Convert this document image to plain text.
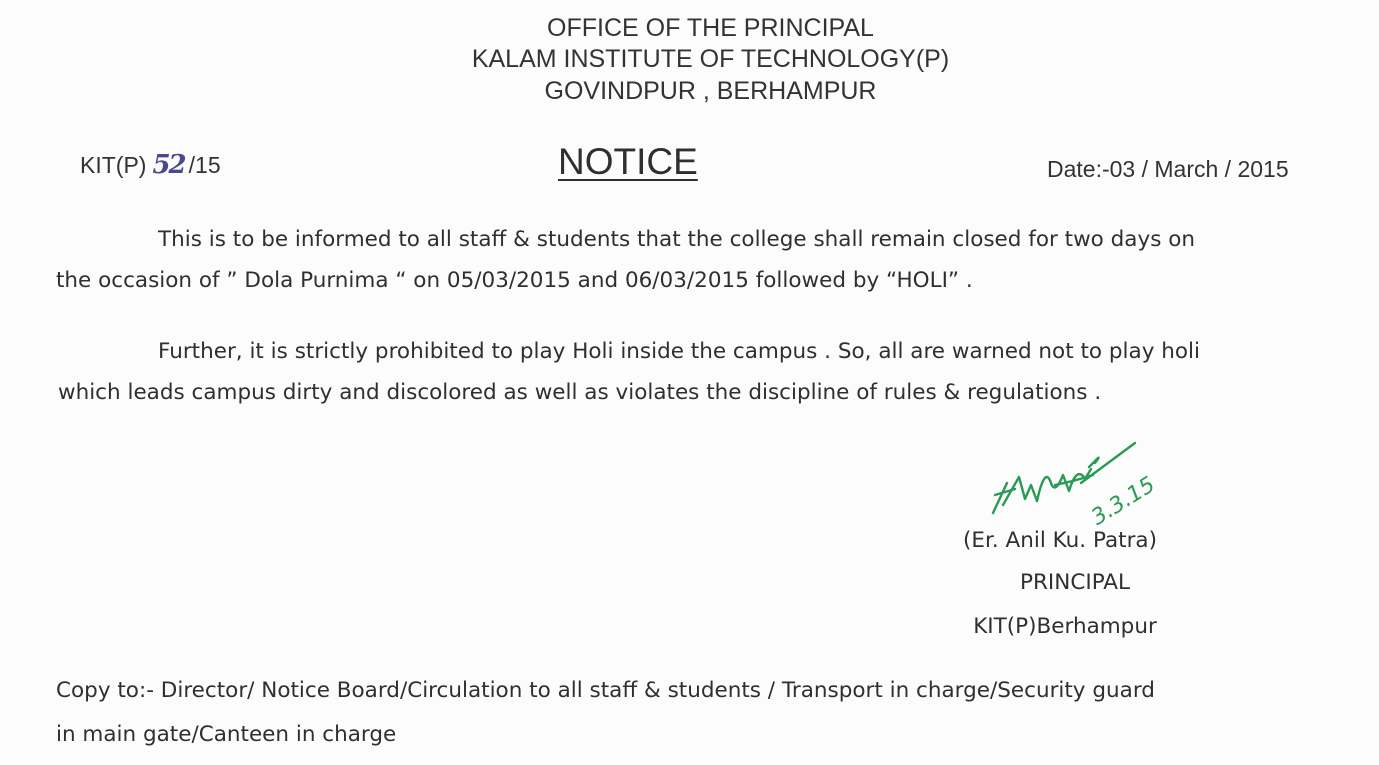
OFFICE OF THE PRINCIPAL
KALAM INSTITUTE OF TECHNOLOGY(P)
GOVINDPUR , BERHAMPUR
KIT(P) 52 /15	NOTICE	Date:-03 / March / 2015
This is to be informed to all staff & students that the college shall remain closed for two days on
the occasion of ” Dola Purnima “ on 05/03/2015 and 06/03/2015 followed by “HOLI” .
Further, it is strictly prohibited to play Holi inside the campus . So, all are warned not to play holi
which leads campus dirty and discolored as well as violates the discipline of rules & regulations .
3.3.15
(Er. Anil Ku. Patra)
PRINCIPAL
KIT(P)Berhampur
Copy to:- Director/ Notice Board/Circulation to all staff & students / Transport in charge/Security guard
in main gate/Canteen in charge
